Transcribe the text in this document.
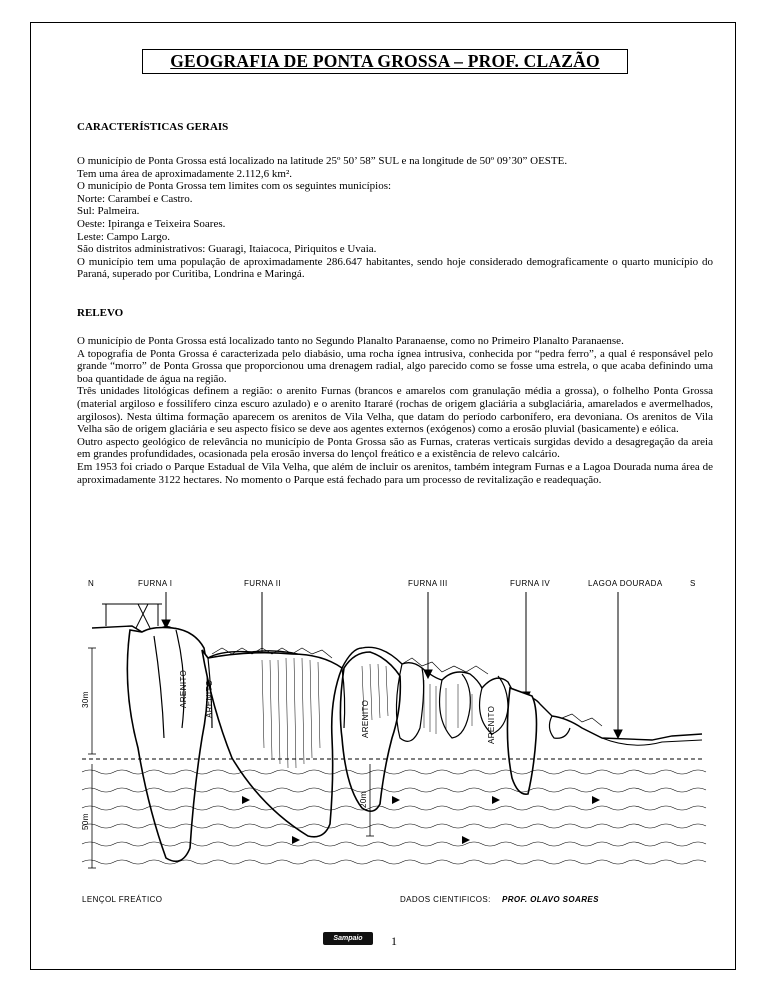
GEOGRAFIA DE PONTA GROSSA – PROF. CLAZÃO
CARACTERÍSTICAS GERAIS

O município de Ponta Grossa está localizado na latitude 25º 50’ 58” SUL e na longitude de 50º 09’30” OESTE.

Tem uma área de aproximadamente 2.112,6 km².

O município de Ponta Grossa tem limites com os seguintes municípios:

Norte: Carambeí e Castro.

Sul: Palmeira.

Oeste: Ipiranga e Teixeira Soares.

Leste: Campo Largo.

São distritos administrativos: Guaragi, Itaiacoca, Piriquitos e Uvaia.

O município tem uma população de aproximadamente 286.647 habitantes, sendo hoje considerado demograficamente o quarto município do Paraná, superado por Curitiba, Londrina e Maringá.

RELEVO

O município de Ponta Grossa está localizado tanto no Segundo Planalto Paranaense, como no Primeiro Planalto Paranaense.

A topografia de Ponta Grossa é caracterizada pelo diabásio, uma rocha ígnea intrusiva, conhecida por “pedra ferro”, a qual é responsável pelo grande “morro” de Ponta Grossa que proporcionou uma drenagem radial, algo parecido como se fosse uma estrela, o que acaba definindo uma boa quantidade de água na região.

Três unidades litológicas definem a região: o arenito Furnas (brancos e amarelos com granulação média a grossa), o folhelho Ponta Grossa (material argiloso e fossilífero cinza escuro azulado) e o arenito Itararé (rochas de origem glaciária a subglaciária, amarelados e avermelhados, argilosos). Nesta última formação aparecem os arenitos de Vila Velha, que datam do período carbonífero, era devoniana. Os arenitos de Vila Velha são de origem glaciária e seu aspecto físico se deve aos agentes externos (exógenos) como a erosão pluvial (basicamente) e eólica.

Outro aspecto geológico de relevância no município de Ponta Grossa são as Furnas, crateras verticais surgidas devido a desagregação da areia em grandes profundidades, ocasionada pela erosão inversa do lençol freático e a existência de relevo calcário.

Em 1953 foi criado o Parque Estadual de Vila Velha, que além de incluir os arenitos, também integram Furnas e a Lagoa Dourada numa área de aproximadamente 3122 hectares. No momento o Parque está fechado para um processo de revitalização e readequação.

N	FURNA I	FURNA II	FURNA III	FURNA IV	LAGOA DOURADA	S
ARENITO ARENITO
ARENITO	ARENITO
30m
50m
20m
LENÇOL FREÁTICO	DADOS CIENTIFICOS: PROF. OLAVO SOARES
Sampaio	1
